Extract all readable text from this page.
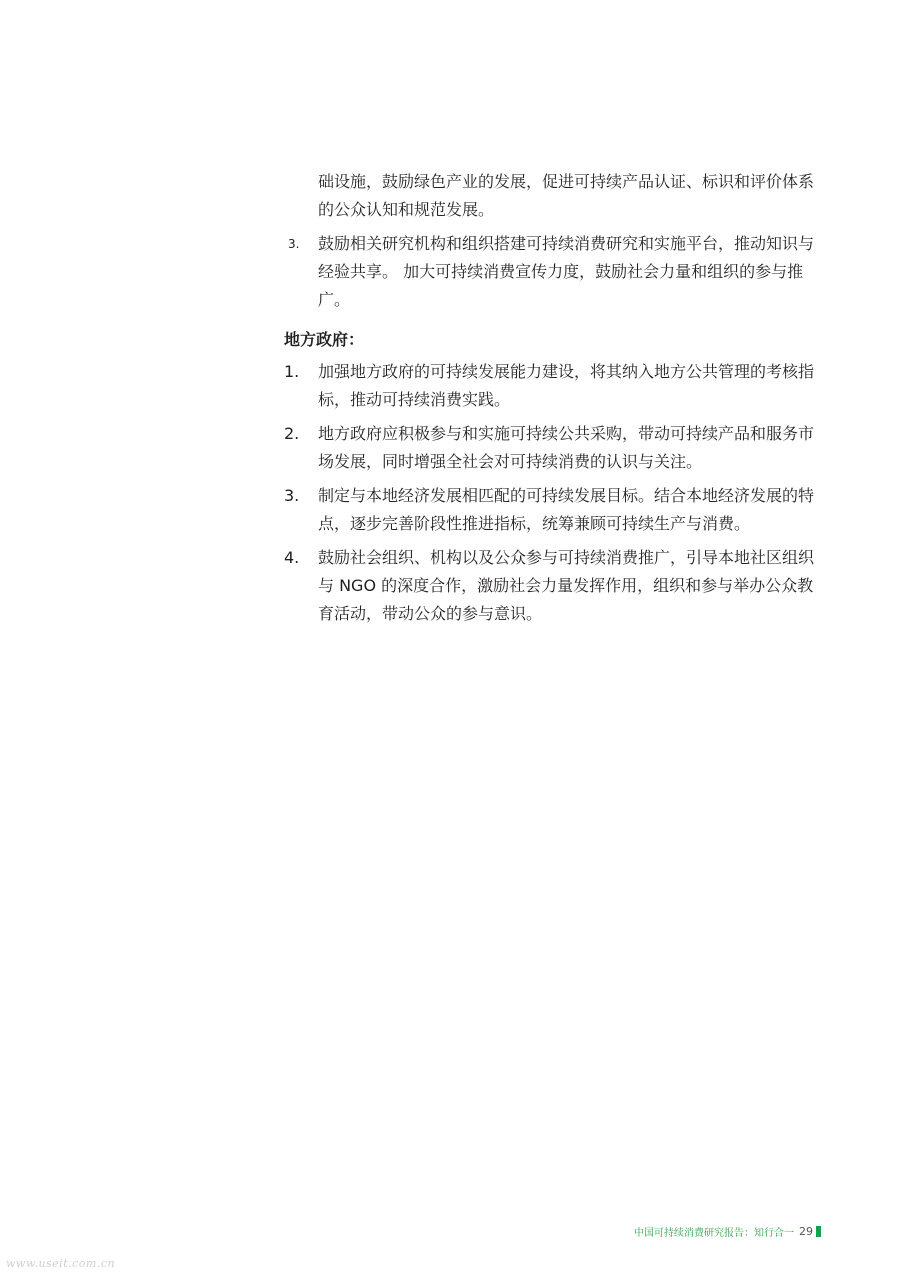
础设施，鼓励绿色产业的发展，促进可持续产品认证、标识和评价体系的公众认知和规范发展。

3.	鼓励相关研究机构和组织搭建可持续消费研究和实施平台，推动知识与经验共享。 加大可持续消费宣传力度，鼓励社会力量和组织的参与推广。
地方政府：
1.	加强地方政府的可持续发展能力建设，将其纳入地方公共管理的考核指标，推动可持续消费实践。
2.	地方政府应积极参与和实施可持续公共采购，带动可持续产品和服务市场发展，同时增强全社会对可持续消费的认识与关注。
3.	制定与本地经济发展相匹配的可持续发展目标。结合本地经济发展的特点，逐步完善阶段性推进指标，统筹兼顾可持续生产与消费。
4.	鼓励社会组织、机构以及公众参与可持续消费推广，引导本地社区组织与 NGO 的深度合作，激励社会力量发挥作用，组织和参与举办公众教育活动，带动公众的参与意识。
中国可持续消费研究报告：知行合一 29
www.useit.com.cn
